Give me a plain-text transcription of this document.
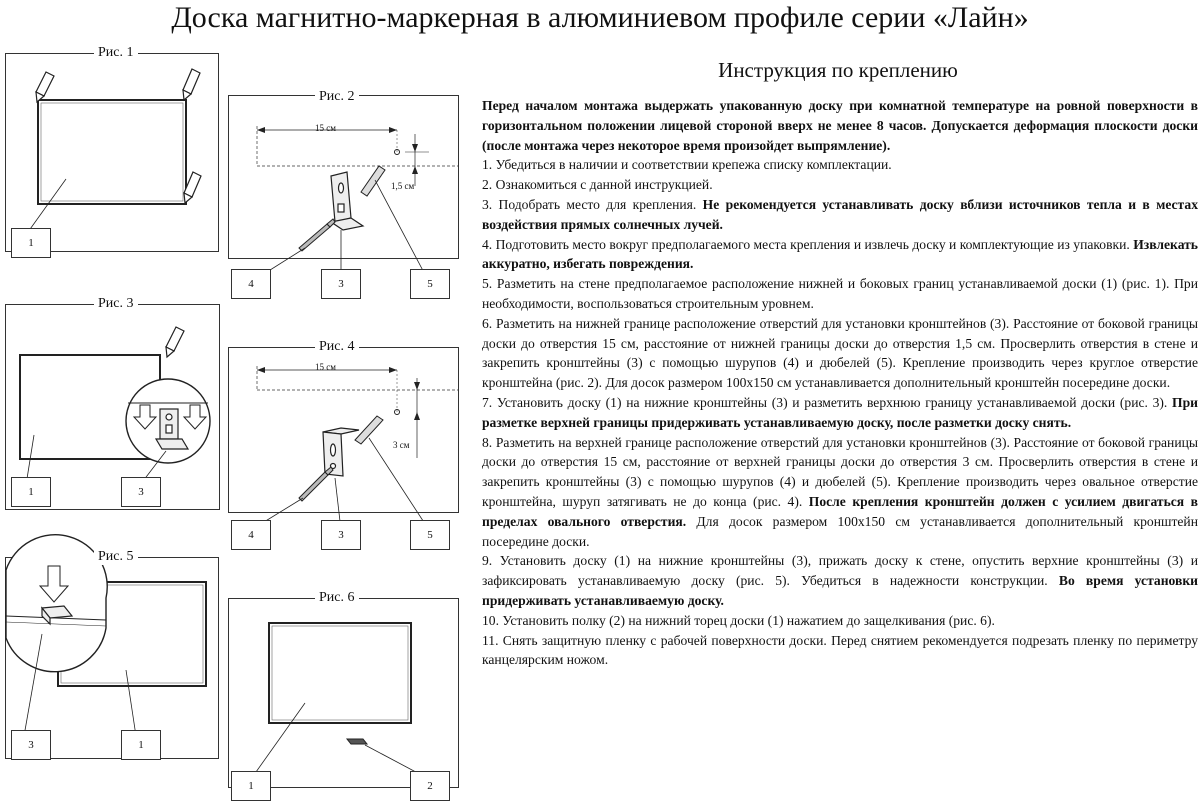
Доска магнитно-маркерная в алюминиевом профиле серии «Лайн»
Рис. 1
1
Рис. 2
15 см
1,5 см
4	3	5
Рис. 3
1	3
Рис. 4
15 см
3 см
4	3	5
Рис. 5
3	1
Рис. 6
1	2
Инструкция по креплению

Перед началом монтажа выдержать упакованную доску при комнатной температуре на ровной поверхности в горизонтальном положении лицевой стороной вверх не менее 8 часов. Допускается деформация плоскости доски (после монтажа через некоторое время произойдет выпрямление).

1. Убедиться в наличии и соответствии крепежа списку комплектации.

2. Ознакомиться с данной инструкцией.

3. Подобрать место для крепления. Не рекомендуется устанавливать доску вблизи источников тепла и в местах воздействия прямых солнечных лучей.

4. Подготовить место вокруг предполагаемого места крепления и извлечь доску и комплектующие из упаковки. Извлекать аккуратно, избегать повреждения.

5. Разметить на стене предполагаемое расположение нижней и боковых границ устанавливаемой доски (1) (рис. 1). При необходимости, воспользоваться строительным уровнем.

6. Разметить на нижней границе расположение отверстий для установки кронштейнов (3). Расстояние от боковой границы доски до отверстия 15 см, расстояние от нижней границы доски до отверстия 1,5 см. Просверлить отверстия в стене и закрепить кронштейны (3) с помощью шурупов (4) и дюбелей (5). Крепление производить через круглое отверстие кронштейна (рис. 2). Для досок размером 100х150 см устанавливается дополнительный кронштейн посередине доски.

7. Установить доску (1) на нижние кронштейны (3) и разметить верхнюю границу устанавливаемой доски (рис. 3). При разметке верхней границы придерживать устанавливаемую доску, после разметки доску снять.

8. Разметить на верхней границе расположение отверстий для установки кронштейнов (3). Расстояние от боковой границы доски до отверстия 15 см, расстояние от верхней границы доски до отверстия 3 см. Просверлить отверстия в стене и закрепить кронштейны (3) с помощью шурупов (4) и дюбелей (5). Крепление производить через овальное отверстие кронштейна, шуруп затягивать не до конца (рис. 4). После крепления кронштейн должен с усилием двигаться в пределах овального отверстия. Для досок размером 100х150 см устанавливается дополнительный кронштейн посередине доски.

9. Установить доску (1) на нижние кронштейны (3), прижать доску к стене, опустить верхние кронштейны (3) и зафиксировать устанавливаемую доску (рис. 5). Убедиться в надежности конструкции. Во время установки придерживать устанавливаемую доску.

10. Установить полку (2) на нижний торец доски (1) нажатием до защелкивания (рис. 6).

11. Снять защитную пленку с рабочей поверхности доски. Перед снятием рекомендуется подрезать пленку по периметру канцелярским ножом.
